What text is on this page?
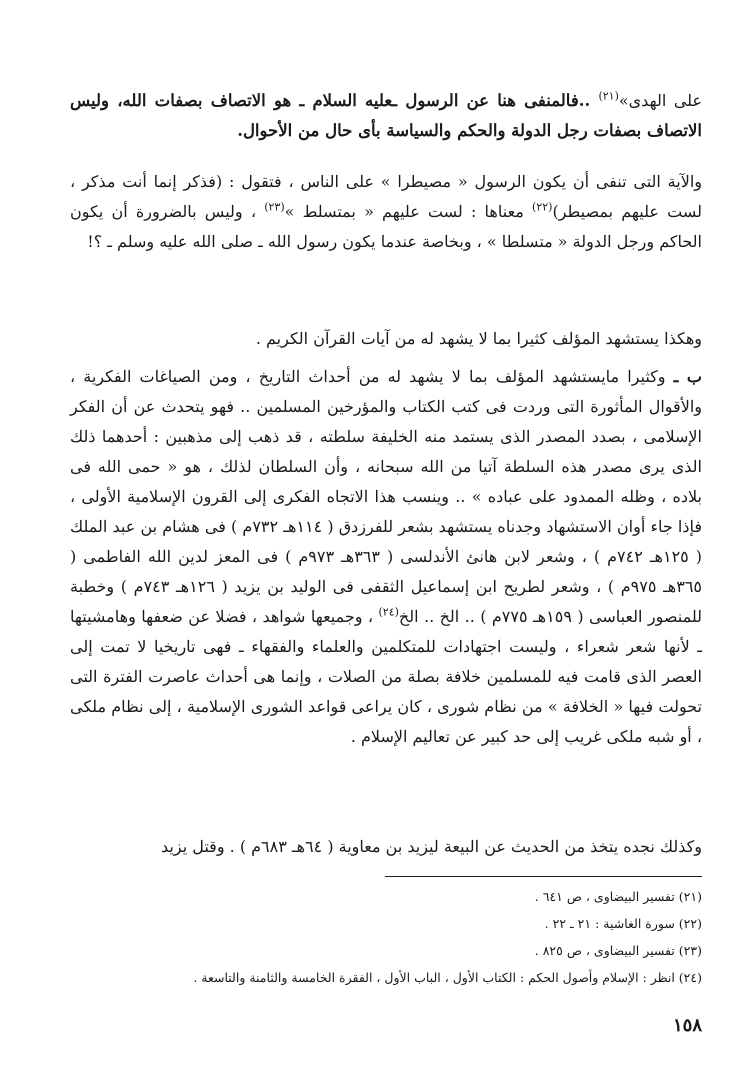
على الهدى»$^{(٢١)}$ ..فالمنفى هنا عن الرسول ـعليه السلام ـ هو الاتصاف بصفات الله، وليس الاتصاف بصفات رجل الدولة والحكم والسياسة بأى حال من الأحوال.
والآية التى تنفى أن يكون الرسول « مصيطرا » على الناس ، فتقول : (فذكر إنما أنت مذكر ، لست عليهم بمصيطر)$^{(٢٢)}$ معناها : لست عليهم « بمتسلط »$^{(٢٣)}$ ، وليس بالضرورة أن يكون الحاكم ورجل الدولة « متسلطا » ، وبخاصة عندما يكون رسول الله ـ صلى الله عليه وسلم ـ ؟!
وهكذا يستشهد المؤلف كثيرا بما لا يشهد له من آيات القرآن الكريم .
ب ـ وكثيرا مايستشهد المؤلف بما لا يشهد له من أحداث التاريخ ، ومن الصياغات الفكرية ، والأقوال المأثورة التى وردت فى كتب الكتاب والمؤرخين المسلمين .. فهو يتحدث عن أن الفكر الإسلامى ، بصدد المصدر الذى يستمد منه الخليفة سلطته ، قد ذهب إلى مذهبين : أحدهما ذلك الذى يرى مصدر هذه السلطة آتيا من الله سبحانه ، وأن السلطان لذلك ، هو « حمى الله فى بلاده ، وظله الممدود على عباده » .. وينسب هذا الاتجاه الفكرى إلى القرون الإسلامية الأولى ، فإذا جاء أوان الاستشهاد وجدناه يستشهد بشعر للفرزدق ( ١١٤هـ ٧٣٢م ) فى هشام بن عبد الملك ( ١٢٥هـ ٧٤٢م ) ، وشعر لابن هانئ الأندلسى ( ٣٦٣هـ ٩٧٣م ) فى المعز لدين الله الفاطمى ( ٣٦٥هـ ٩٧٥م ) ، وشعر لطريح ابن إسماعيل الثقفى فى الوليد بن يزيد ( ١٢٦هـ ٧٤٣م ) وخطبة للمنصور العباسى ( ١٥٩هـ ٧٧٥م ) .. الخ .. الخ$^{(٢٤)}$ ، وجميعها شواهد ، فضلا عن ضعفها وهامشيتها ـ لأنها شعر شعراء ، وليست اجتهادات للمتكلمين والعلماء والفقهاء ـ فهى تاريخيا لا تمت إلى العصر الذى قامت فيه للمسلمين خلافة بصلة من الصلات ، وإنما هى أحداث عاصرت الفترة التى تحولت فيها « الخلافة » من نظام شورى ، كان يراعى قواعد الشورى الإسلامية ، إلى نظام ملكى ، أو شبه ملكى غريب إلى حد كبير عن تعاليم الإسلام .
وكذلك نجده يتخذ من الحديث عن البيعة ليزيد بن معاوية ( ٦٤هـ ٦٨٣م ) . وقتل يزيد
(٢١) تفسير البيضاوى ، ص ٦٤١ .
(٢٢) سورة الغاشية : ٢١ ـ ٢٢ .
(٢٣) تفسير البيضاوى ، ص ٨٢٥ .
(٢٤) انظر : الإسلام وأصول الحكم : الكتاب الأول ، الباب الأول ، الفقرة الخامسة والثامنة والتاسعة .
١٥٨
